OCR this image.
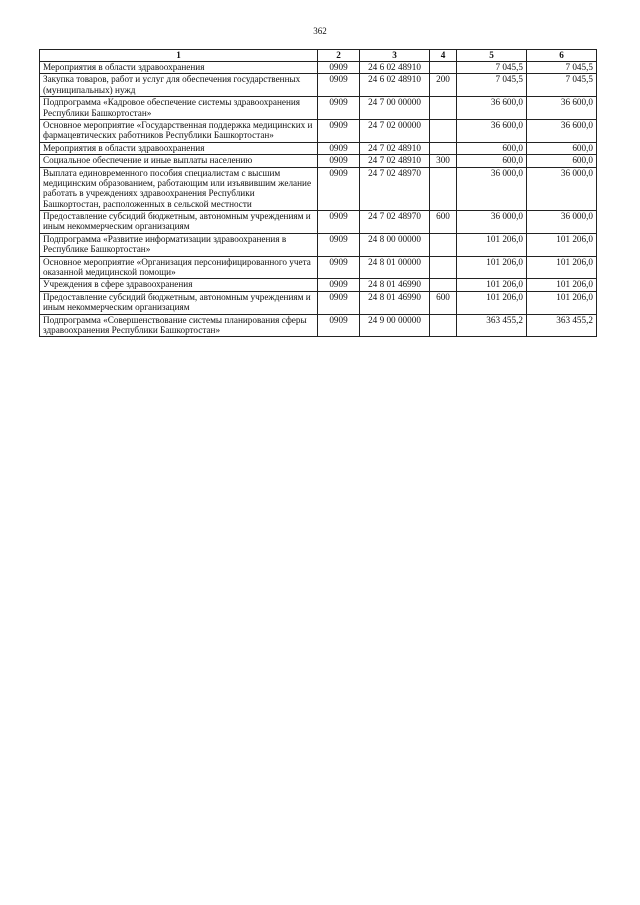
362
1	2	3	4	5	6
Мероприятия в области здравоохранения	0909	24 6 02 48910		7 045,5	7 045,5
Закупка товаров, работ и услуг для обеспечения государственных (муниципальных) нужд	0909	24 6 02 48910	200	7 045,5	7 045,5
Подпрограмма «Кадровое обеспечение системы здравоохранения Республики Башкортостан»	0909	24 7 00 00000		36 600,0	36 600,0
Основное мероприятие «Государственная поддержка медицинских и фармацевтических работников Республики Башкортостан»	0909	24 7 02 00000		36 600,0	36 600,0
Мероприятия в области здравоохранения	0909	24 7 02 48910		600,0	600,0
Социальное обеспечение и иные выплаты населению	0909	24 7 02 48910	300	600,0	600,0
Выплата единовременного пособия специалистам с высшим медицинским образованием, работающим или изъявившим желание работать в учреждениях здравоохранения Республики Башкортостан, расположенных в сельской местности	0909	24 7 02 48970		36 000,0	36 000,0
Предоставление субсидий бюджетным, автономным учреждениям и иным некоммерческим организациям	0909	24 7 02 48970	600	36 000,0	36 000,0
Подпрограмма «Развитие информатизации здравоохранения в Республике Башкортостан»	0909	24 8 00 00000		101 206,0	101 206,0
Основное мероприятие «Организация персонифицированного учета оказанной медицинской помощи»	0909	24 8 01 00000		101 206,0	101 206,0
Учреждения в сфере здравоохранения	0909	24 8 01 46990		101 206,0	101 206,0
Предоставление субсидий бюджетным, автономным учреждениям и иным некоммерческим организациям	0909	24 8 01 46990	600	101 206,0	101 206,0
Подпрограмма «Совершенствование системы планирования сферы здравоохранения Республики Башкортостан»	0909	24 9 00 00000		363 455,2	363 455,2
